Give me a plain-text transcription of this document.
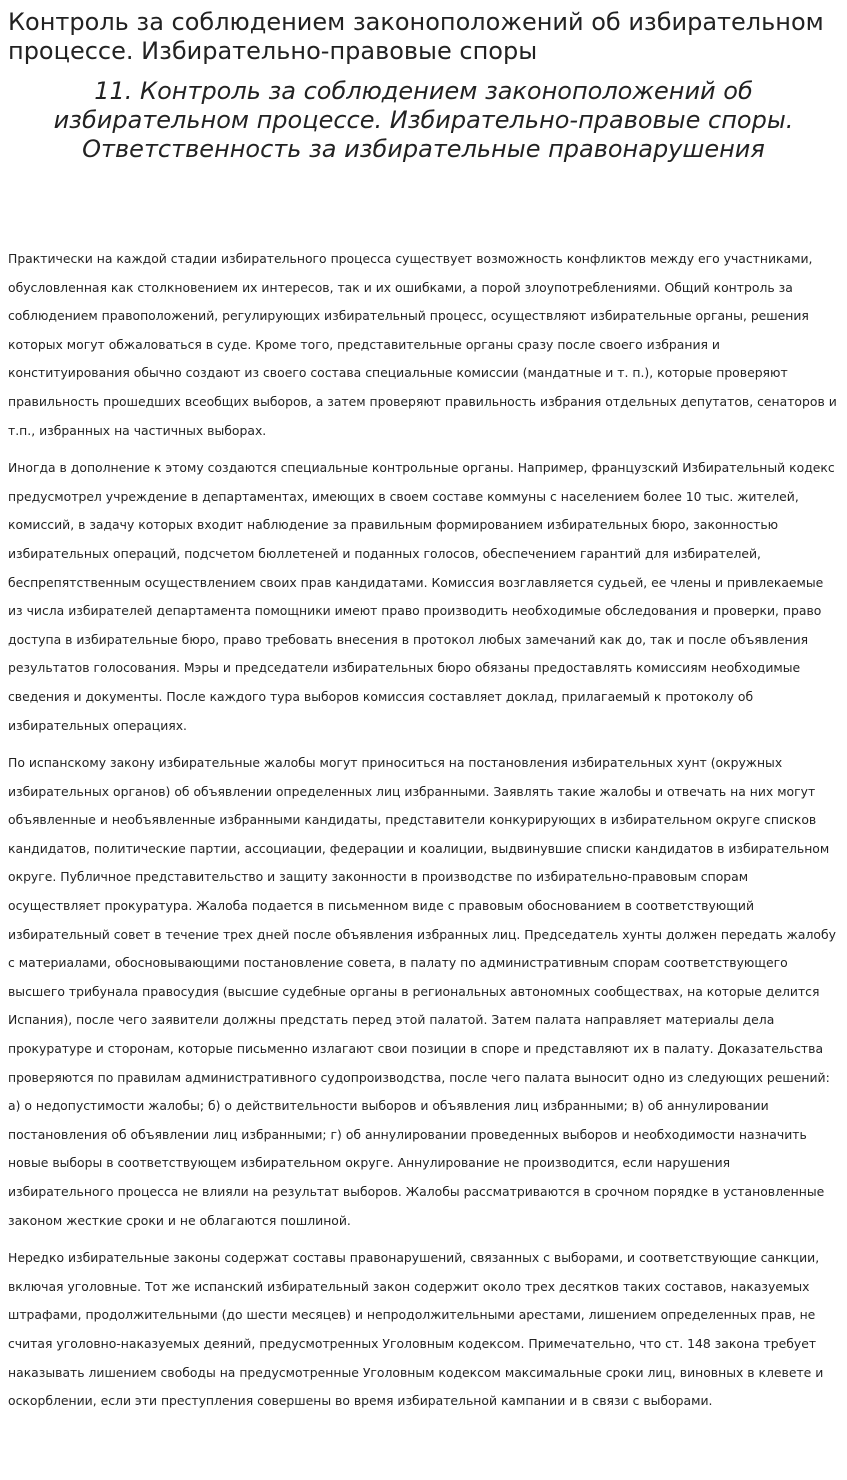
Контроль за соблюдением законоположений об избирательном процессе. Избирательно-правовые споры
11. Контроль за соблюдением законоположений об избирательном процессе. Избирательно-правовые споры. Ответственность за избирательные правонарушения

Практически на каждой стадии избирательного процесса существует возможность конфликтов между его участниками, обусловленная как столкновением их интересов, так и их ошибками, а порой злоупотреблениями. Общий контроль за соблюдением правоположений, регулирующих избирательный процесс, осуществляют избирательные органы, решения которых могут обжаловаться в суде. Кроме того, представительные органы сразу после своего избрания и конституирования обычно создают из своего состава специальные комиссии (мандатные и т. п.), которые проверяют правильность прошедших всеобщих выборов, а затем проверяют правильность избрания отдельных депутатов, сенаторов и т.п., избранных на частичных выборах.

Иногда в дополнение к этому создаются специальные контрольные органы. Например, французский Избирательный кодекс предусмотрел учреждение в департаментах, имеющих в своем составе коммуны с населением более 10 тыс. жителей, комиссий, в задачу которых входит наблюдение за правильным формированием избирательных бюро, законностью избирательных операций, подсчетом бюллетеней и поданных голосов, обеспечением гарантий для избирателей, беспрепятственным осуществлением своих прав кандидатами. Комиссия возглавляется судьей, ее члены и привлекаемые из числа избирателей департамента помощники имеют право производить необходимые обследования и проверки, право доступа в избирательные бюро, право требовать внесения в протокол любых замечаний как до, так и после объявления результатов голосования. Мэры и председатели избирательных бюро обязаны предоставлять комиссиям необходимые сведения и документы. После каждого тура выборов комиссия составляет доклад, прилагаемый к протоколу об избирательных операциях.

По испанскому закону избирательные жалобы могут приноситься на постановления избирательных хунт (окружных избирательных органов) об объявлении определенных лиц избранными. Заявлять такие жалобы и отвечать на них могут объявленные и необъявленные избранными кандидаты, представители конкурирующих в избирательном округе списков кандидатов, политические партии, ассоциации, федерации и коалиции, выдвинувшие списки кандидатов в избирательном округе. Публичное представительство и защиту законности в производстве по избирательно-правовым спорам осуществляет прокуратура. Жалоба подается в письменном виде с правовым обоснованием в соответствующий избирательный совет в течение трех дней после объявления избранных лиц. Председатель хунты должен передать жалобу с материалами, обосновывающими постановление совета, в палату по административным спорам соответствующего высшего трибунала правосудия (высшие судебные органы в региональных автономных сообществах, на которые делится Испания), после чего заявители должны предстать перед этой палатой. Затем палата направляет материалы дела прокуратуре и сторонам, которые письменно излагают свои позиции в споре и представляют их в палату. Доказательства проверяются по правилам административного судопроизводства, после чего палата выносит одно из следующих решений: а) о недопустимости жалобы; б) о действительности выборов и объявления лиц избранными; в) об аннулировании постановления об объявлении лиц избранными; г) об аннулировании проведенных выборов и необходимости назначить новые выборы в соответствующем избирательном округе. Аннулирование не производится, если нарушения избирательного процесса не влияли на результат выборов. Жалобы рассматриваются в срочном порядке в установленные законом жесткие сроки и не облагаются пошлиной.

Нередко избирательные законы содержат составы правонарушений, связанных с выборами, и соответствующие санкции, включая уголовные. Тот же испанский избирательный закон содержит около трех десятков таких составов, наказуемых штрафами, продолжительными (до шести месяцев) и непродолжительными арестами, лишением определенных прав, не считая уголовно-наказуемых деяний, предусмотренных Уголовным кодексом. Примечательно, что ст. 148 закона требует наказывать лишением свободы на предусмотренные Уголовным кодексом максимальные сроки лиц, виновных в клевете и оскорблении, если эти преступления совершены во время избирательной кампании и в связи с выборами.
